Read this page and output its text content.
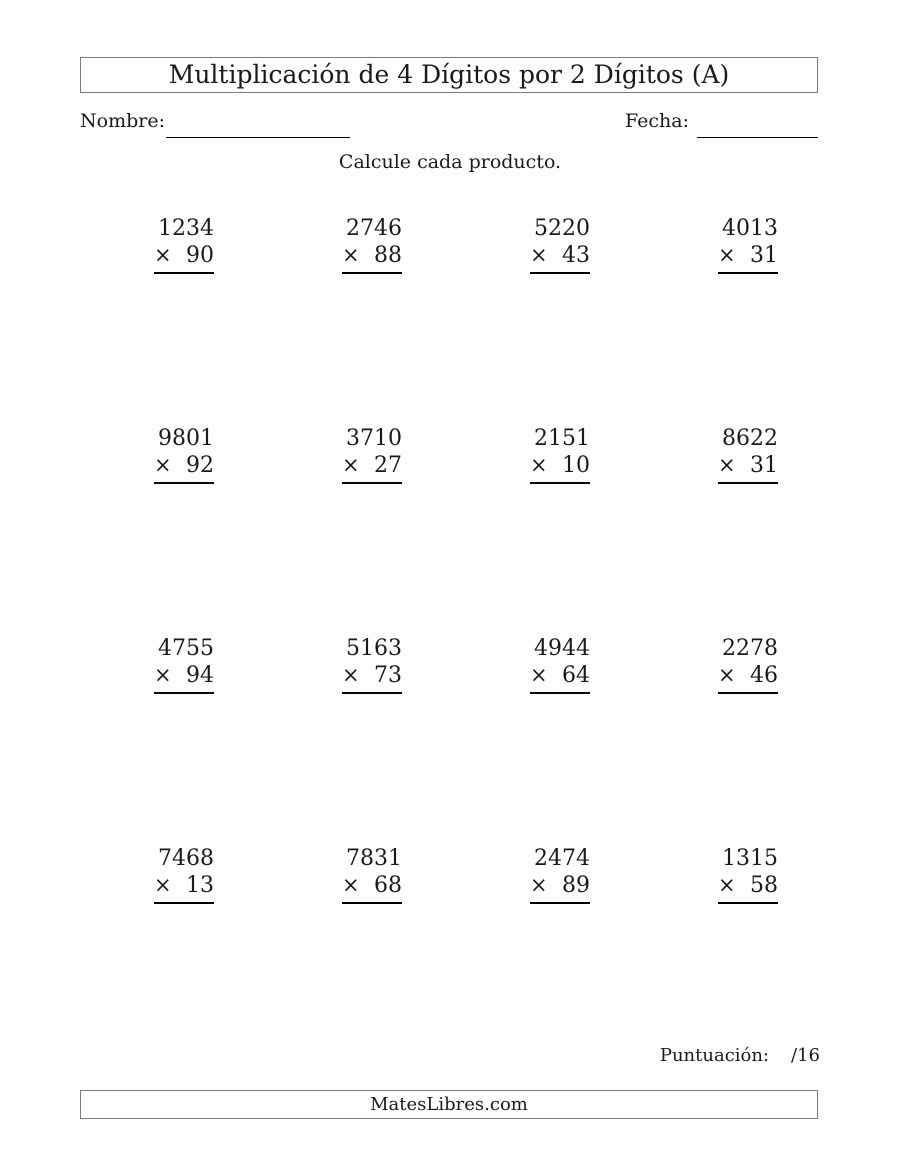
Multiplicación de 4 Dígitos por 2 Dígitos (A)
Nombre:	Fecha:
Calcule cada producto.
1234
× 90
2746
× 88
5220
× 43
4013
× 31
9801
× 92
3710
× 27
2151
× 10
8622
× 31
4755
× 94
5163
× 73
4944
× 64
2278
× 46
7468
× 13
7831
× 68
2474
× 89
1315
× 58
Puntuación: /16
MatesLibres.com
